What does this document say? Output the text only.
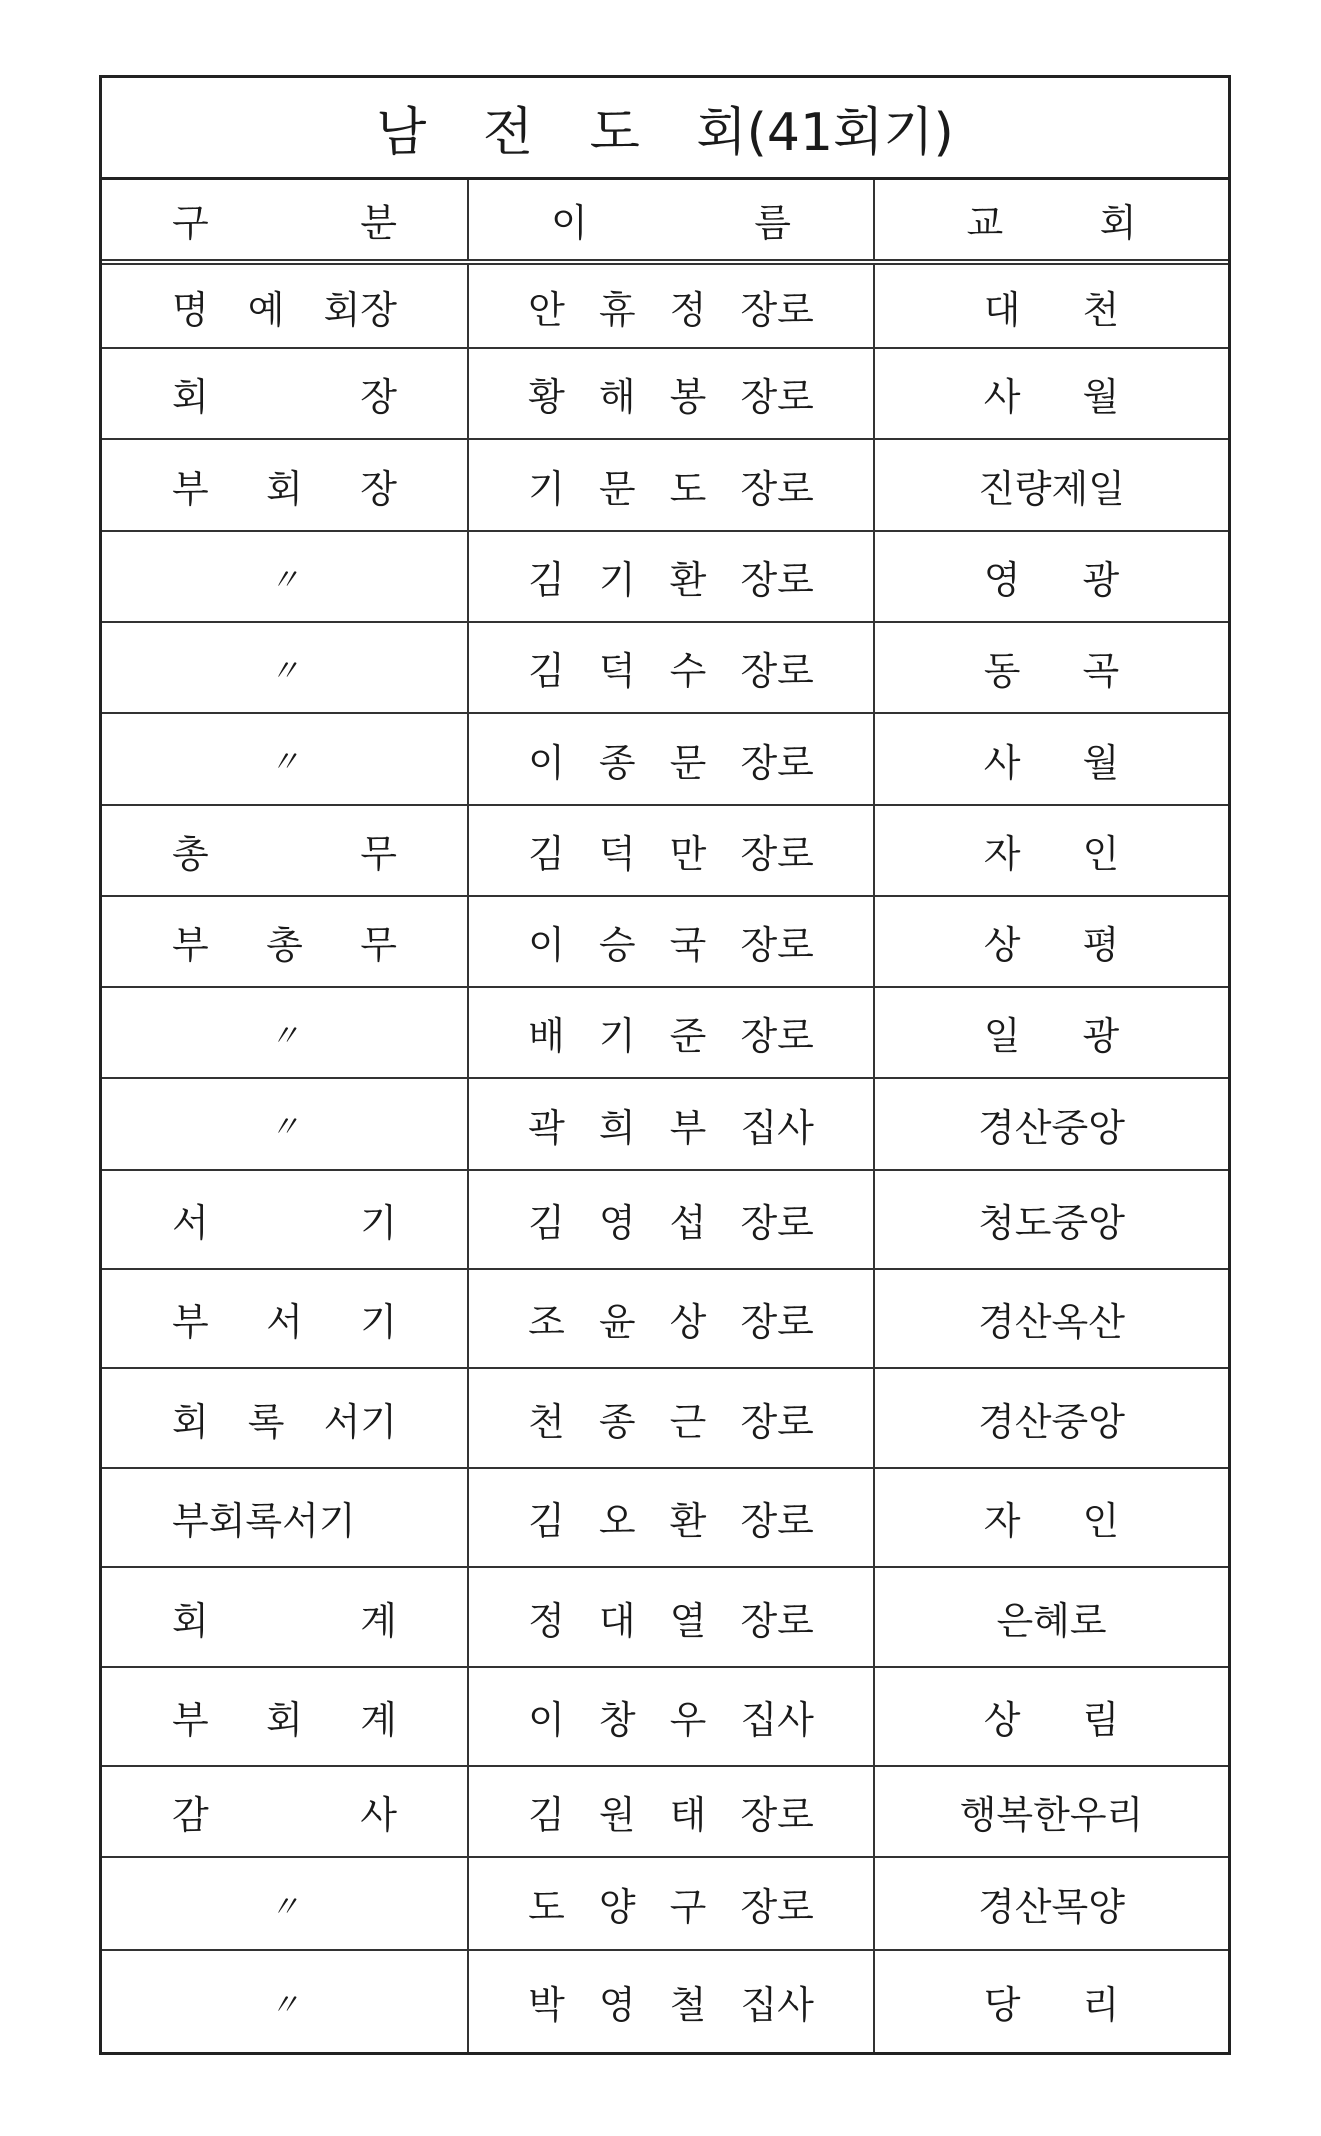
남 전 도 회(41회기)
구 분	이 름	교 회
명 예 회장	안 휴 정 장로	대 천
회 장	황 해 봉 장로	사 월
부 회 장	기 문 도 장로	진량제일
〃	김 기 환 장로	영 광
〃	김 덕 수 장로	동 곡
〃	이 종 문 장로	사 월
총 무	김 덕 만 장로	자 인
부 총 무	이 승 국 장로	상 평
〃	배 기 준 장로	일 광
〃	곽 희 부 집사	경산중앙
서 기	김 영 섭 장로	청도중앙
부 서 기	조 윤 상 장로	경산옥산
회 록 서기	천 종 근 장로	경산중앙
부회록서기	김 오 환 장로	자 인
회 계	정 대 열 장로	은혜로
부 회 계	이 창 우 집사	상 림
감 사	김 원 태 장로	행복한우리
〃	도 양 구 장로	경산목양
〃	박 영 철 집사	당 리
